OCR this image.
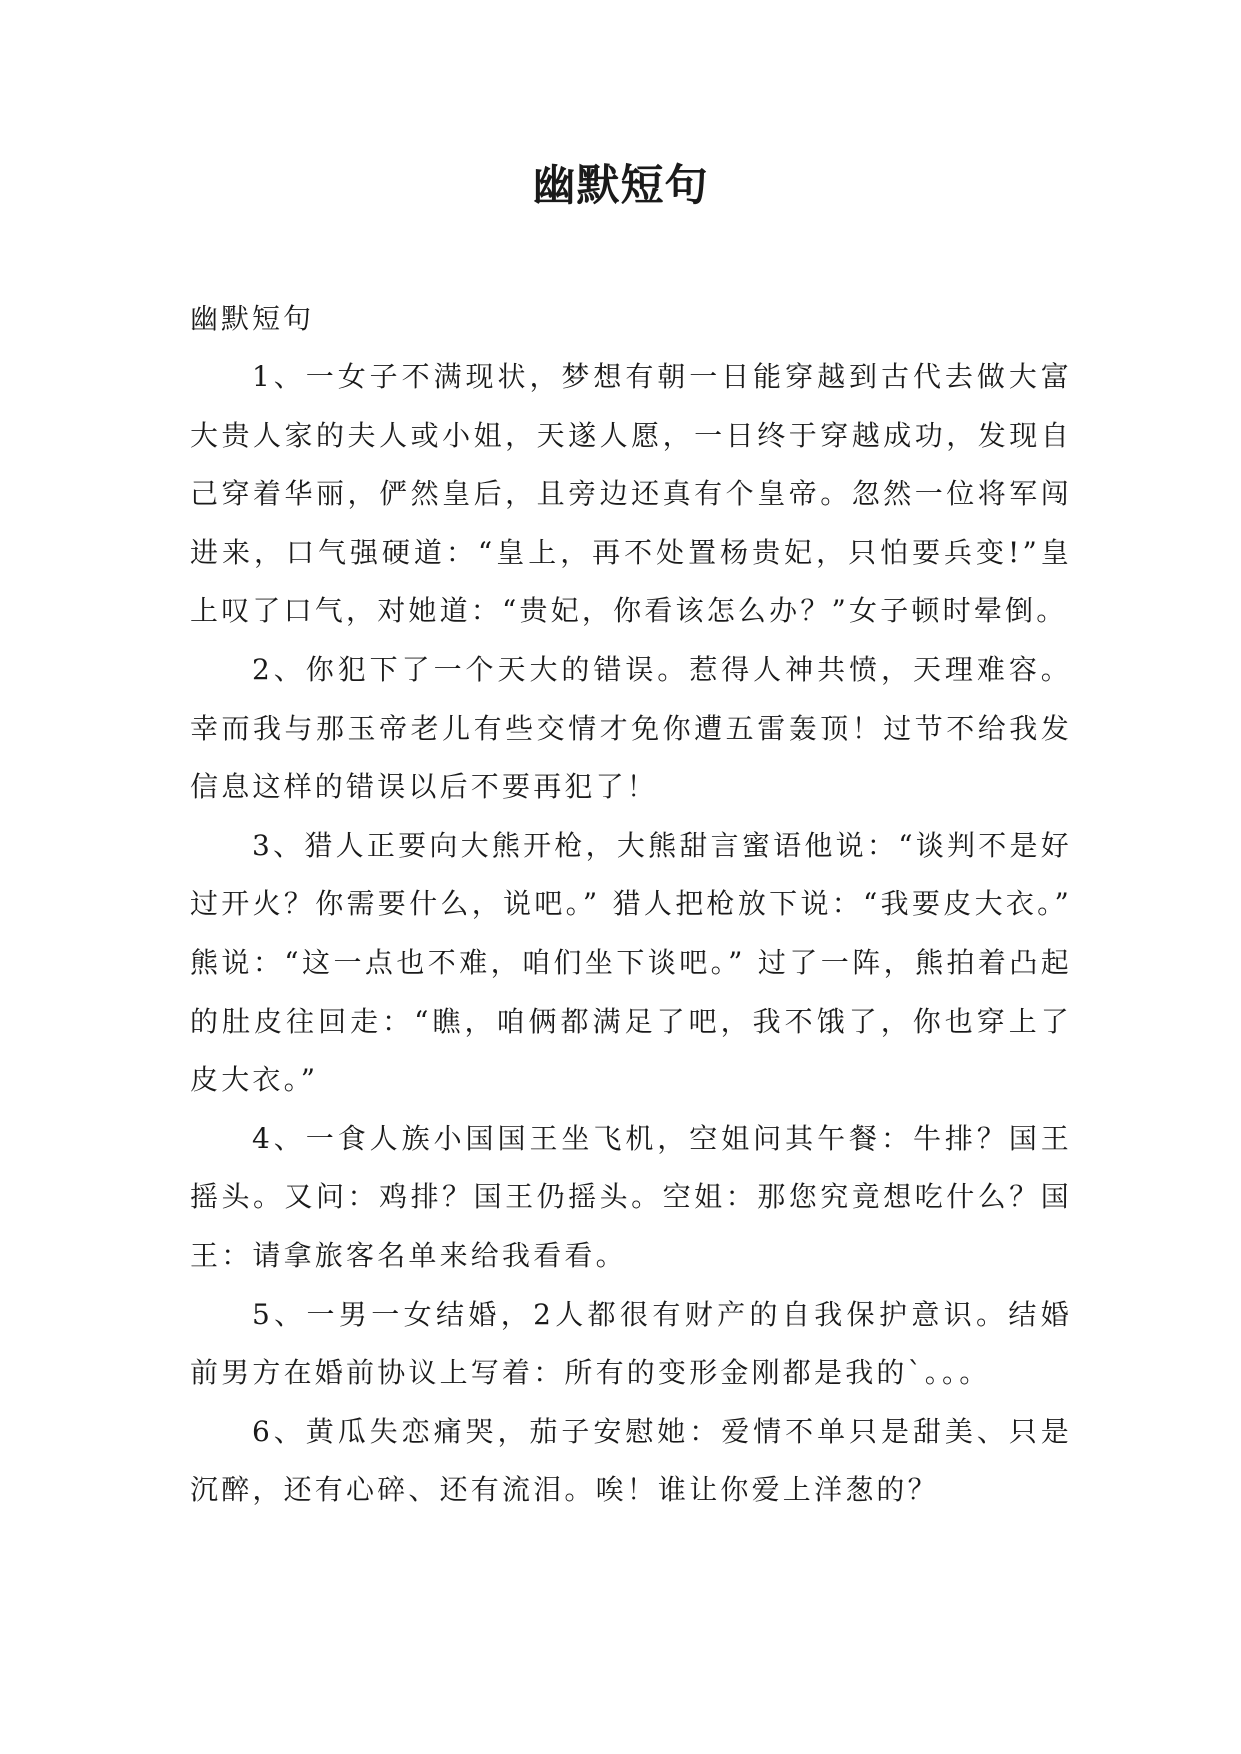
幽默短句

幽默短句

1、一女子不满现状，梦想有朝一日能穿越到古代去做大富大贵人家的夫人或小姐，天遂人愿，一日终于穿越成功，发现自己穿着华丽，俨然皇后，且旁边还真有个皇帝。忽然一位将军闯进来，口气强硬道：“皇上，再不处置杨贵妃，只怕要兵变!”皇上叹了口气，对她道：“贵妃，你看该怎么办？”女子顿时晕倒。

2、你犯下了一个天大的错误。惹得人神共愤，天理难容。幸而我与那玉帝老儿有些交情才免你遭五雷轰顶！过节不给我发信息这样的错误以后不要再犯了！

3、猎人正要向大熊开枪，大熊甜言蜜语他说：“谈判不是好过开火？你需要什么，说吧。” 猎人把枪放下说：“我要皮大衣。” 熊说：“这一点也不难，咱们坐下谈吧。” 过了一阵，熊拍着凸起的肚皮往回走：“瞧，咱俩都满足了吧，我不饿了，你也穿上了皮大衣。”

4、一食人族小国国王坐飞机，空姐问其午餐：牛排？国王摇头。又问：鸡排？国王仍摇头。空姐：那您究竟想吃什么？国王：请拿旅客名单来给我看看。

5、一男一女结婚，2人都很有财产的自我保护意识。结婚前男方在婚前协议上写着：所有的变形金刚都是我的`。。。

6、黄瓜失恋痛哭，茄子安慰她：爱情不单只是甜美、只是沉醉，还有心碎、还有流泪。唉！谁让你爱上洋葱的？
